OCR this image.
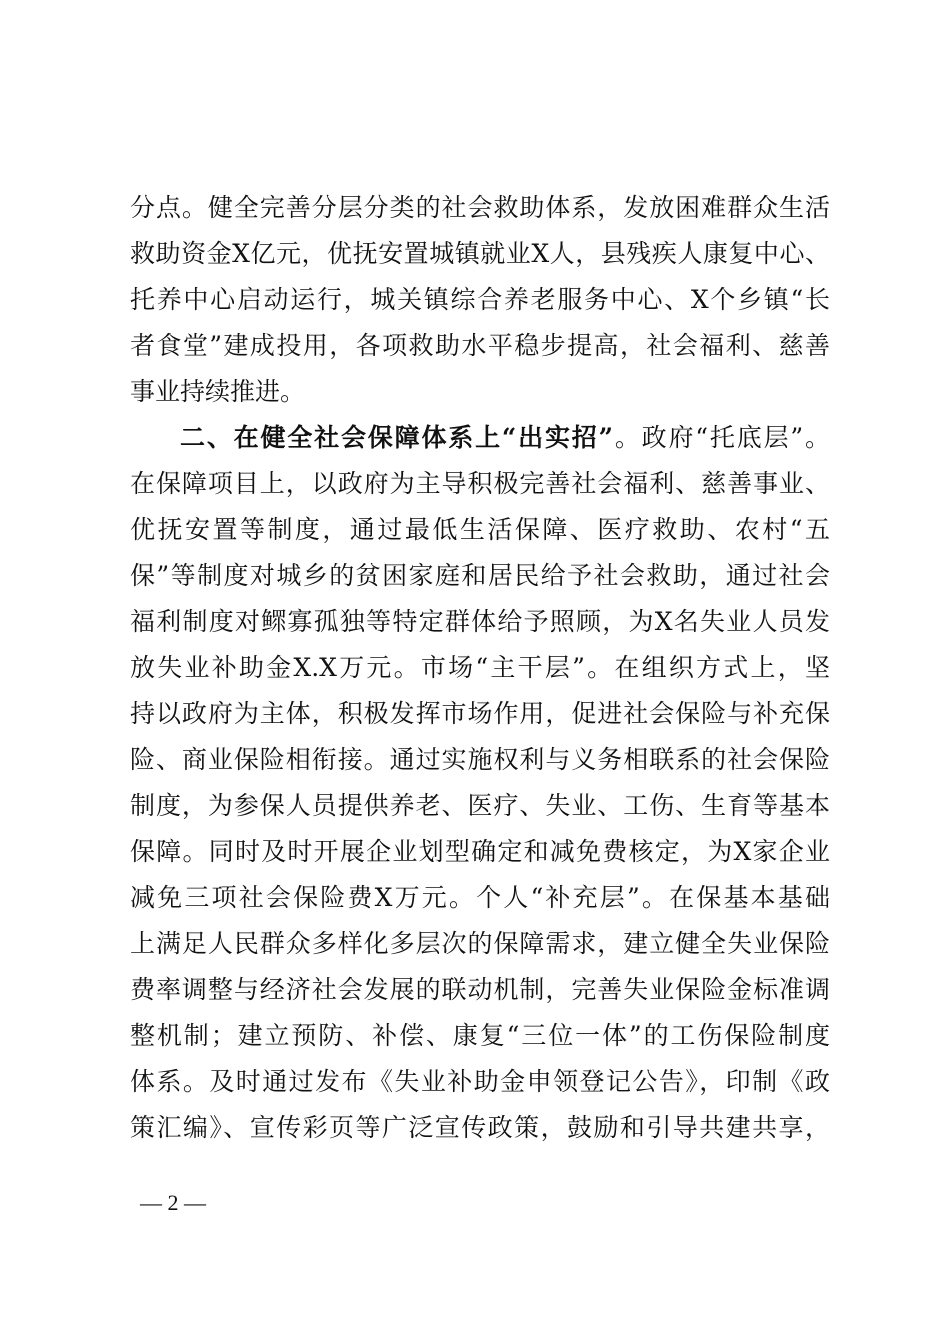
分点。健全完善分层分类的社会救助体系，发放困难群众生活
救助资金X亿元，优抚安置城镇就业X人，县残疾人康复中心、
托养中心启动运行，城关镇综合养老服务中心、X个乡镇“长
者食堂”建成投用，各项救助水平稳步提高，社会福利、慈善
事业持续推进。
二、在健全社会保障体系上“出实招”。政府“托底层”。
在保障项目上，以政府为主导积极完善社会福利、慈善事业、
优抚安置等制度，通过最低生活保障、医疗救助、农村“五
保”等制度对城乡的贫困家庭和居民给予社会救助，通过社会
福利制度对鳏寡孤独等特定群体给予照顾，为X名失业人员发
放失业补助金X.X万元。市场“主干层”。在组织方式上，坚
持以政府为主体，积极发挥市场作用，促进社会保险与补充保
险、商业保险相衔接。通过实施权利与义务相联系的社会保险
制度，为参保人员提供养老、医疗、失业、工伤、生育等基本
保障。同时及时开展企业划型确定和减免费核定，为X家企业
减免三项社会保险费X万元。个人“补充层”。在保基本基础
上满足人民群众多样化多层次的保障需求，建立健全失业保险
费率调整与经济社会发展的联动机制，完善失业保险金标准调
整机制；建立预防、补偿、康复“三位一体”的工伤保险制度
体系。及时通过发布《失业补助金申领登记公告》，印制《政
策汇编》、宣传彩页等广泛宣传政策，鼓励和引导共建共享，
— 2 —
